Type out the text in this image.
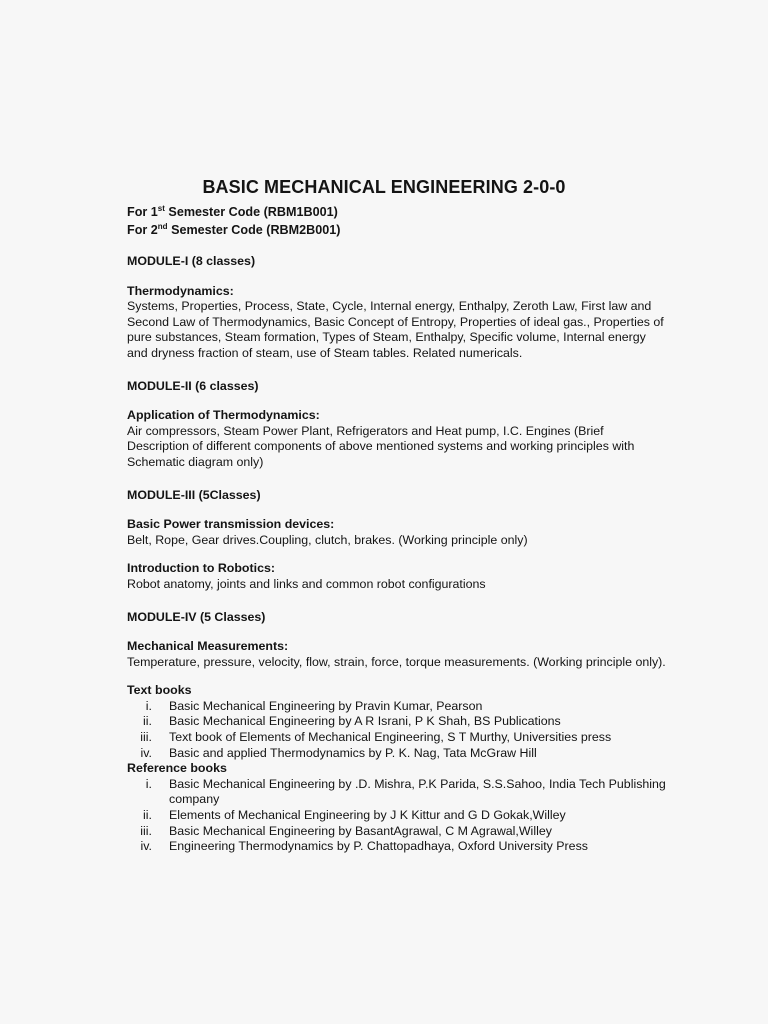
BASIC MECHANICAL ENGINEERING 2-0-0
For 1st Semester Code (RBM1B001)
For 2nd Semester Code (RBM2B001)
MODULE-I (8 classes)
Thermodynamics:
Systems, Properties, Process, State, Cycle, Internal energy, Enthalpy, Zeroth Law, First law and Second Law of Thermodynamics, Basic Concept of Entropy, Properties of ideal gas., Properties of pure substances, Steam formation, Types of Steam, Enthalpy, Specific volume, Internal energy and dryness fraction of steam, use of Steam tables. Related numericals.
MODULE-II (6 classes)
Application of Thermodynamics:
Air compressors, Steam Power Plant, Refrigerators and Heat pump, I.C. Engines (Brief Description of different components of above mentioned systems and working principles with Schematic diagram only)
MODULE-III (5Classes)
Basic Power transmission devices:
Belt, Rope, Gear drives.Coupling, clutch, brakes. (Working principle only)
Introduction to Robotics:
Robot anatomy, joints and links and common robot configurations
MODULE-IV (5 Classes)
Mechanical Measurements:
Temperature, pressure, velocity, flow, strain, force, torque measurements. (Working principle only).
Text books
i.	Basic Mechanical Engineering by Pravin Kumar, Pearson
ii.	Basic Mechanical Engineering by A R Israni, P K Shah, BS Publications
iii.	Text book of Elements of Mechanical Engineering, S T Murthy, Universities press
iv.	Basic and applied Thermodynamics by P. K. Nag, Tata McGraw Hill
Reference books
i.	Basic Mechanical Engineering by .D. Mishra, P.K Parida, S.S.Sahoo, India Tech Publishing company
ii.	Elements of Mechanical Engineering by J K Kittur and G D Gokak,Willey
iii.	Basic Mechanical Engineering by BasantAgrawal, C M Agrawal,Willey
iv.	Engineering Thermodynamics by P. Chattopadhaya, Oxford University Press
